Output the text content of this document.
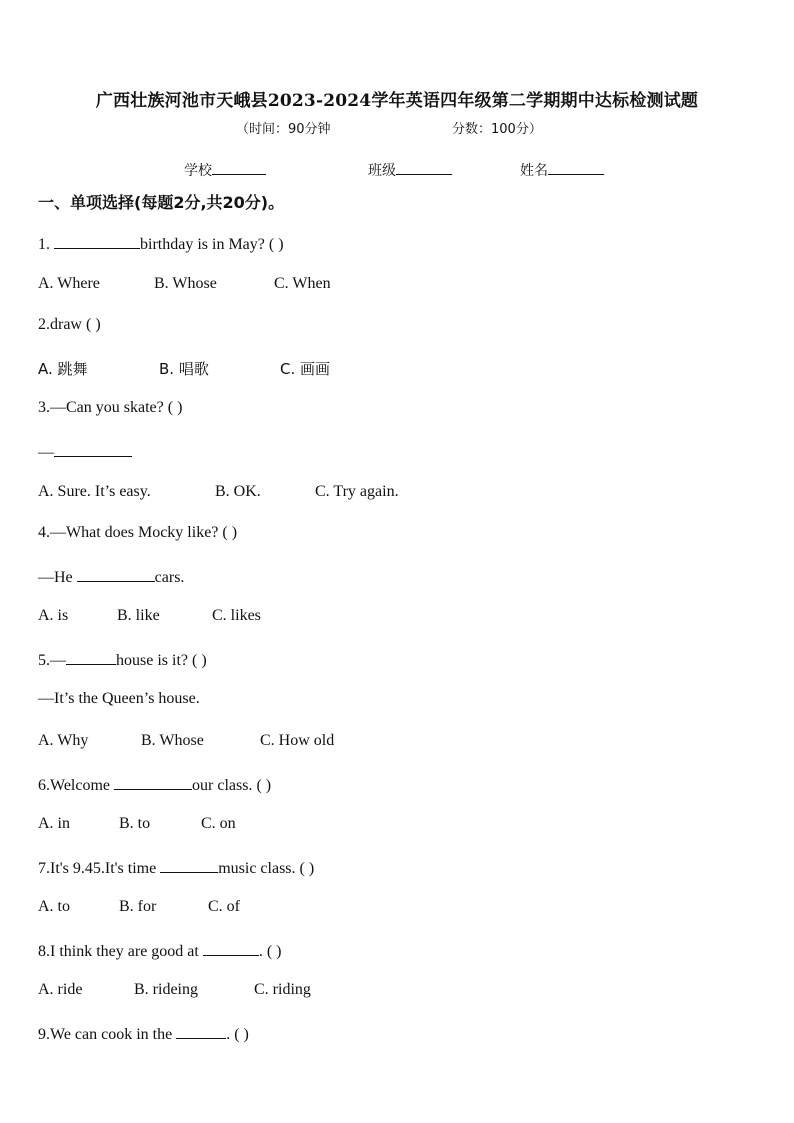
广西壮族河池市天峨县2023-2024学年英语四年级第二学期期中达标检测试题
（时间：90分钟	分数：100分）
学校	班级	姓名
一、单项选择(每题2分,共20分)。
1.	birthday is in May? ( )
A. Where	B. Whose	C. When
2.draw ( )
A. 跳舞	B. 唱歌	C. 画画
3.—Can you skate? ( )
—
A. Sure. It’s easy.	B. OK.	C. Try again.
4.—What does Mocky like? ( )
—He	cars.
A. is	B. like	C. likes
5.—	house is it? ( )
—It’s the Queen’s house.
A. Why	B. Whose	C. How old
6.Welcome	our class. ( )
A. in	B. to	C. on
7.It's 9.45.It's time	music class. ( )
A. to	B. for	C. of
8.I think they are good at	. ( )
A. ride	B. rideing	C. riding
9.We can cook in the	. ( )
